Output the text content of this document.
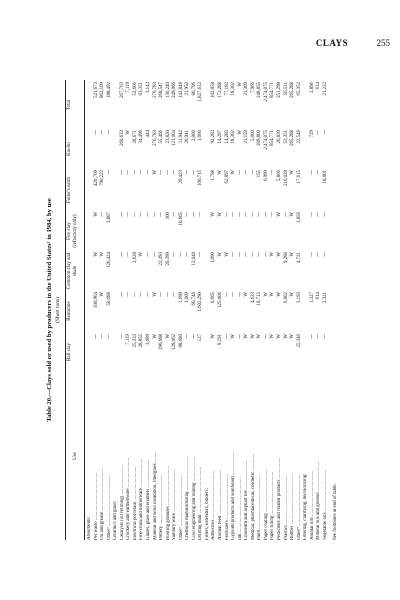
CLAYS	255
Table 20.—Clays sold or used by producers in the United States¹ in 1984, by use (Short tons)
Use
Ball clay
Bentonite
Common clay and shale
Fire clay (refractory only)
Fuller's earth
Kaolin
Total
Absorbents: Pet waste .......................................
---
100,964
W
W
420,709
---
521,673
Oil and grease ..................................
---
W
W
---
790,222
---
862,109
Other² ..........................................
---
50,688
120,424
3,887
---
---
188,492
Ceramics and glass: Catalysts (oil refining) ........................
---
---
---
---
---
260,633
267,763
Crockery and earthenware ........................
7,119
---
---
---
---
W
7,119
Electrical porcelain ............................
25,333
---
2,628
---
---
28,671
52,666
Fine china and dinnerware .......................
28,855
---
W
---
---
34,496
63,351
Glazes, glass and enamels .......................
3,689
---
---
---
---
444
3,143
Mineral and wool insulation, fiberglass ........
W
W
---
---
W
276,783
276,783
Pottery .........................................
190,688
---
22,393
---
---
55,466
268,547
Roofing granules ................................
W
---
20,399
300
---
23,820
130,240
Sanitary ware ...................................
128,062
---
---
---
---
121,004
249,066
Other³ ..........................................
98,680
1,699
---
10,665
20,423
11,942
142,848
Chemical manufacturing ............................
---
1,009
---
---
---
20,941
21,950
Civil engineering and sealing ....................
---
66,748
12,048
---
---
2,000
80,796
Drilling mud ......................................
127
1,602,290
---
---
100,715
1,000
1,827,612
Fillers, extenders, binders: Adhesives .......................................
W
6,665
1,090
W
1,798
92,283
102,058
Animal feed .....................................
9,191
125,006
W
W
W
14,297
172,288
Fertilizers .....................................
---
---
W
---
62,897
14,285
77,182
Gypsum products and wallboard ...................
W
---
---
---
W
18,302
18,302
Ink .............................................
---
---
---
---
---
W
W
Linoleum and asphalt tile .......................
W
W
---
---
---
21,159
21,309
Medical, pharmaceutical, cosmetic ..............
W
4,633
---
---
---
5,000
7,966
Paint ...........................................
W
10,712
---
---
155
209,800
248,855
Paper coating ...................................
---
W
---
---
6,999
2,474,075
2,474,075
Paper filling ...................................
W
W
W
---
---
854,771
854,771
Pesticides and related products .................
W
W
W
W
5,866
26,839
251,298
Plastics ........................................
W
6,802
9,280
---
216,028
53,351
56,511
Rubber ..........................................
W
W
W
W
W
265,288
265,288
Other⁴ ..........................................
25,346
3,193
4,721
1,856
17,615
22,548
65,352
Filtering, clarifying, decolorizing: Animal oils .....................................
---
1,327
---
---
---
729
2,896
Mineral oils and greases ........................
---
614
---
---
---
---
614
Vegetable oils ..................................
---
2,321
---
---
18,801
---
21,222
See footnotes at end of table.
